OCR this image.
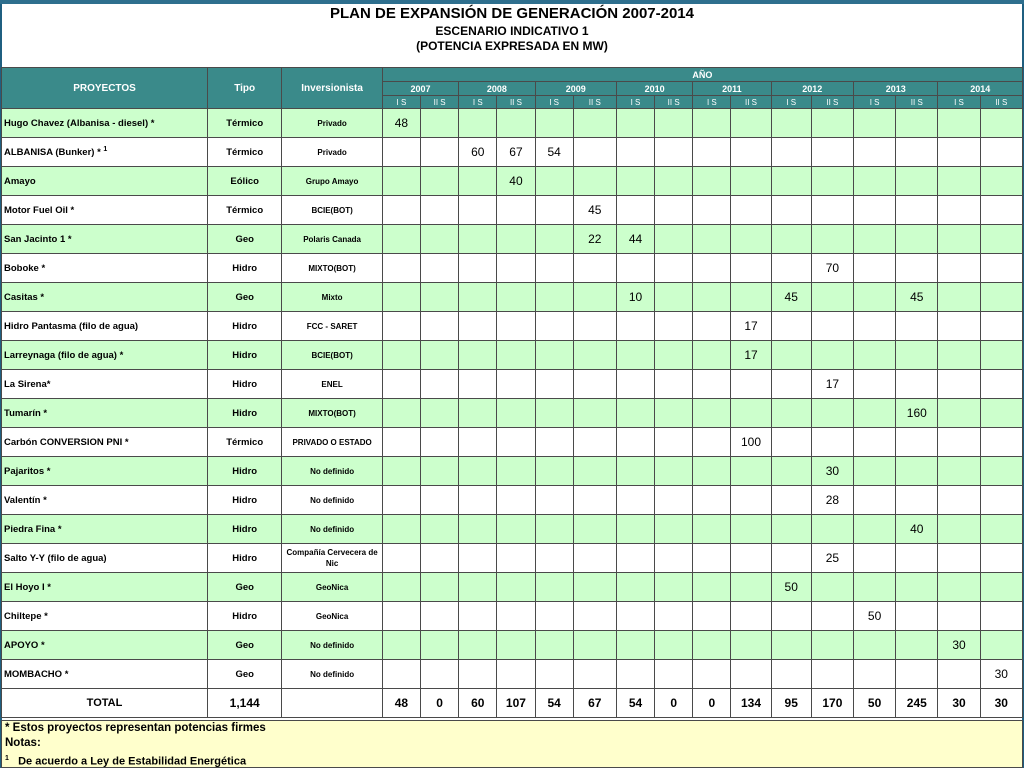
PLAN DE EXPANSIÓN DE GENERACIÓN 2007-2014
ESCENARIO INDICATIVO 1
(POTENCIA EXPRESADA EN MW)
PROYECTOS	Tipo	Inversionista	AÑO															
			2007		2008		2009		2010		2011		2012		2013		2014	
			I S	II S	I S	II S	I S	II S	I S	II S	I S	II S	I S	II S	I S	II S	I S	II S
Hugo Chavez (Albanisa - diesel) *	Térmico	Privado	48															
ALBANISA (Bunker) * $^1$	Térmico	Privado			60	67	54											
Amayo	Eólico	Grupo Amayo				40												
Motor Fuel Oil *	Térmico	BCIE(BOT)						45										
San Jacinto 1 *	Geo	Polaris Canada						22	44									
Boboke *	Hidro	MIXTO(BOT)												70				
Casitas *	Geo	Mixto							10				45			45		
Hidro Pantasma (filo de agua)	Hidro	FCC - SARET										17						
Larreynaga (filo de agua) *	Hidro	BCIE(BOT)										17						
La Sirena*	Hidro	ENEL												17				
Tumarín *	Hidro	MIXTO(BOT)														160		
Carbón CONVERSION PNI *	Térmico	PRIVADO O ESTADO										100						
Pajaritos *	Hidro	No definido												30				
Valentín *	Hidro	No definido												28				
Piedra Fina *	Hidro	No definido														40		
Salto Y-Y (filo de agua)	Hidro	Compañía Cervecera de Nic												25				
El Hoyo I *	Geo	GeoNica											50					
Chiltepe *	Hidro	GeoNica													50			
APOYO *	Geo	No definido															30	
MOMBACHO *	Geo	No definido																30
TOTAL	1,144		48	0	60	107	54	67	54	0	0	134	95	170	50	245	30	30
* Estos proyectos representan potencias firmes
Notas:
$^1$ De acuerdo a Ley de Estabilidad Energética
